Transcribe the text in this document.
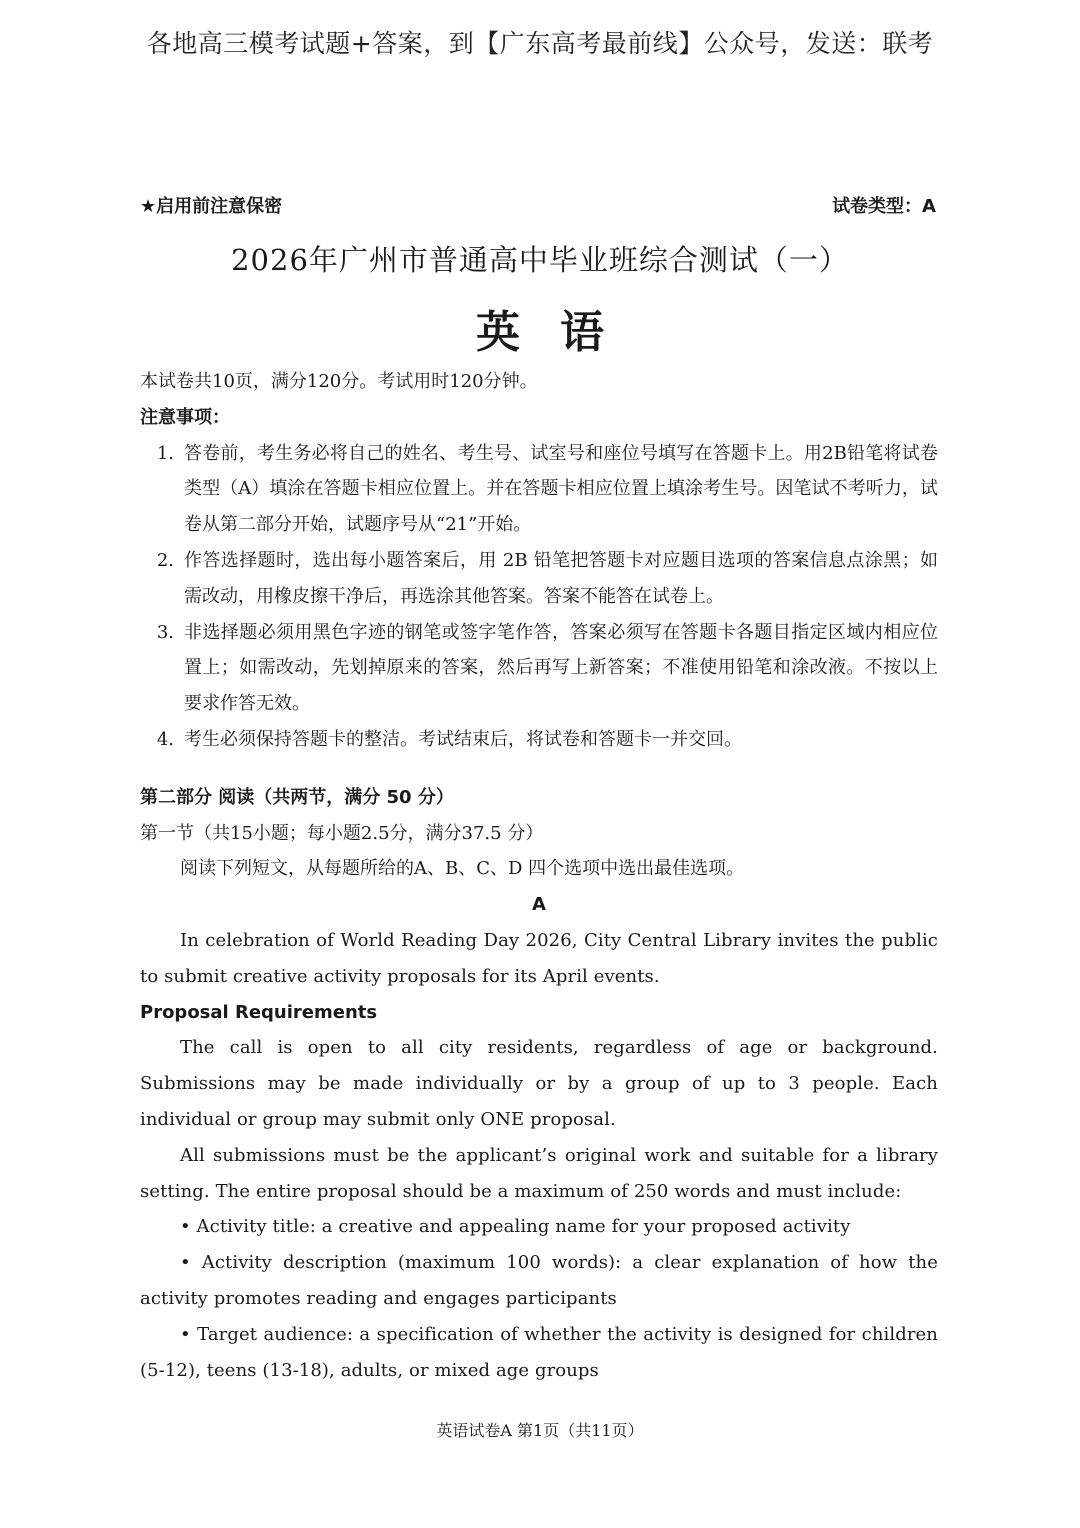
各地高三模考试题+答案，到【广东高考最前线】公众号，发送：联考
★启用前注意保密	试卷类型：A
2026年广州市普通高中毕业班综合测试（一）
英语

本试卷共10页，满分120分。考试用时120分钟。

注意事项：

1. 答卷前，考生务必将自己的姓名、考生号、试室号和座位号填写在答题卡上。用2B铅笔将试卷类型（A）填涂在答题卡相应位置上。并在答题卡相应位置上填涂考生号。因笔试不考听力，试卷从第二部分开始，试题序号从“21”开始。
2. 作答选择题时，选出每小题答案后，用 2B 铅笔把答题卡对应题目选项的答案信息点涂黑；如需改动，用橡皮擦干净后，再选涂其他答案。答案不能答在试卷上。
3. 非选择题必须用黑色字迹的钢笔或签字笔作答，答案必须写在答题卡各题目指定区域内相应位置上；如需改动，先划掉原来的答案，然后再写上新答案；不准使用铅笔和涂改液。不按以上要求作答无效。
4. 考生必须保持答题卡的整洁。考试结束后，将试卷和答题卡一并交回。

第二部分 阅读（共两节，满分 50 分）

第一节（共15小题；每小题2.5分，满分37.5 分）

阅读下列短文，从每题所给的A、B、C、D 四个选项中选出最佳选项。

A

In celebration of World Reading Day 2026, City Central Library invites the public to submit creative activity proposals for its April events.

Proposal Requirements

The call is open to all city residents, regardless of age or background. Submissions may be made individually or by a group of up to 3 people. Each individual or group may submit only ONE proposal.

All submissions must be the applicant’s original work and suitable for a library setting. The entire proposal should be a maximum of 250 words and must include:

• Activity title: a creative and appealing name for your proposed activity

• Activity description (maximum 100 words): a clear explanation of how the activity promotes reading and engages participants

• Target audience: a specification of whether the activity is designed for children (5-12), teens (13-18), adults, or mixed age groups

英语试卷A 第1页（共11页）
